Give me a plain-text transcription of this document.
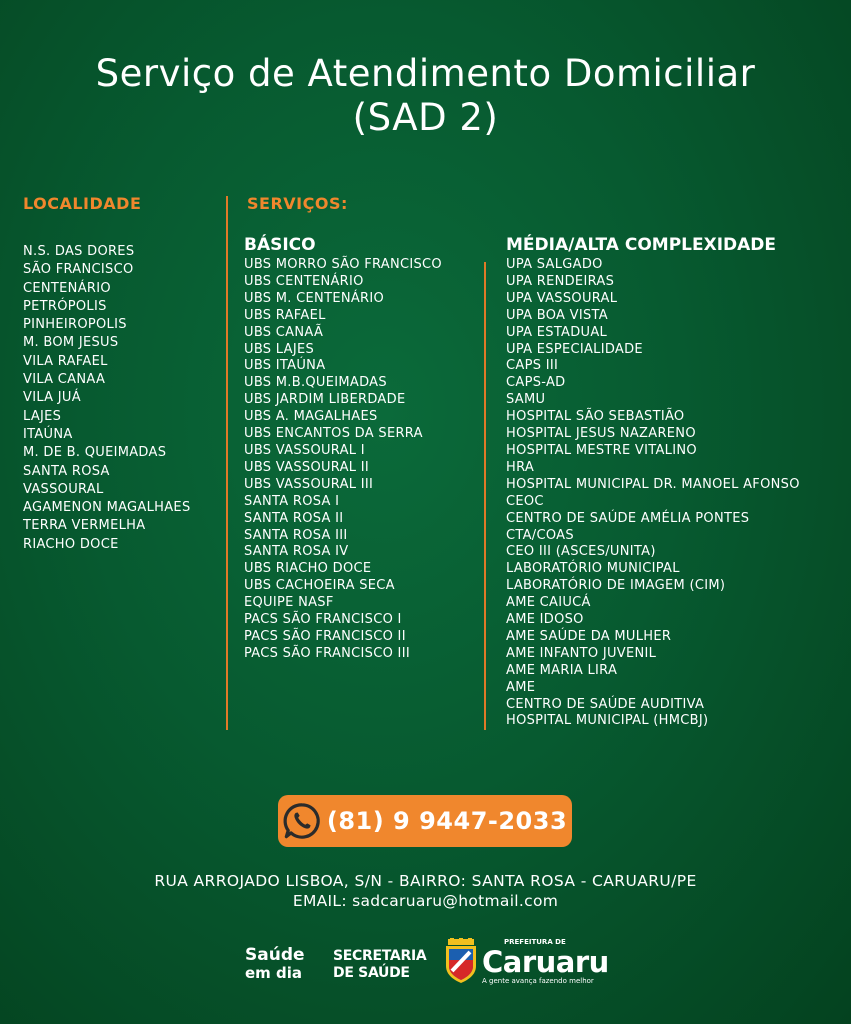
Serviço de Atendimento Domiciliar
(SAD 2)
LOCALIDADE	SERVIÇOS:
BÁSICO	MÉDIA/ALTA COMPLEXIDADE
N.S. DAS DORES
SÃO FRANCISCO
CENTENÁRIO
PETRÓPOLIS
PINHEIROPOLIS
M. BOM JESUS
VILA RAFAEL
VILA CANAA
VILA JUÁ
LAJES
ITAÚNA
M. DE B. QUEIMADAS
SANTA ROSA
VASSOURAL
AGAMENON MAGALHAES
TERRA VERMELHA
RIACHO DOCE
UBS MORRO SÃO FRANCISCO
UBS CENTENÁRIO
UBS M. CENTENÁRIO
UBS RAFAEL
UBS CANAÃ
UBS LAJES
UBS ITAÚNA
UBS M.B.QUEIMADAS
UBS JARDIM LIBERDADE
UBS A. MAGALHAES
UBS ENCANTOS DA SERRA
UBS VASSOURAL I
UBS VASSOURAL II
UBS VASSOURAL III
SANTA ROSA I
SANTA ROSA II
SANTA ROSA III
SANTA ROSA IV
UBS RIACHO DOCE
UBS CACHOEIRA SECA
EQUIPE NASF
PACS SÃO FRANCISCO I
PACS SÃO FRANCISCO II
PACS SÃO FRANCISCO III
UPA SALGADO
UPA RENDEIRAS
UPA VASSOURAL
UPA BOA VISTA
UPA ESTADUAL
UPA ESPECIALIDADE
CAPS III
CAPS-AD
SAMU
HOSPITAL SÃO SEBASTIÃO
HOSPITAL JESUS NAZARENO
HOSPITAL MESTRE VITALINO
HRA
HOSPITAL MUNICIPAL DR. MANOEL AFONSO
CEOC
CENTRO DE SAÚDE AMÉLIA PONTES
CTA/COAS
CEO III (ASCES/UNITA)
LABORATÓRIO MUNICIPAL
LABORATÓRIO DE IMAGEM (CIM)
AME CAIUCÁ
AME IDOSO
AME SAÚDE DA MULHER
AME INFANTO JUVENIL
AME MARIA LIRA
AME
CENTRO DE SAÚDE AUDITIVA
HOSPITAL MUNICIPAL (HMCBJ)
(81) 9 9447-2033
RUA ARROJADO LISBOA, S/N - BAIRRO: SANTA ROSA - CARUARU/PE
EMAIL: sadcaruaru@hotmail.com
Saúde
em dia
SECRETARIA
DE SAÚDE
PREFEITURA DE
Caruaru
A gente avança fazendo melhor
